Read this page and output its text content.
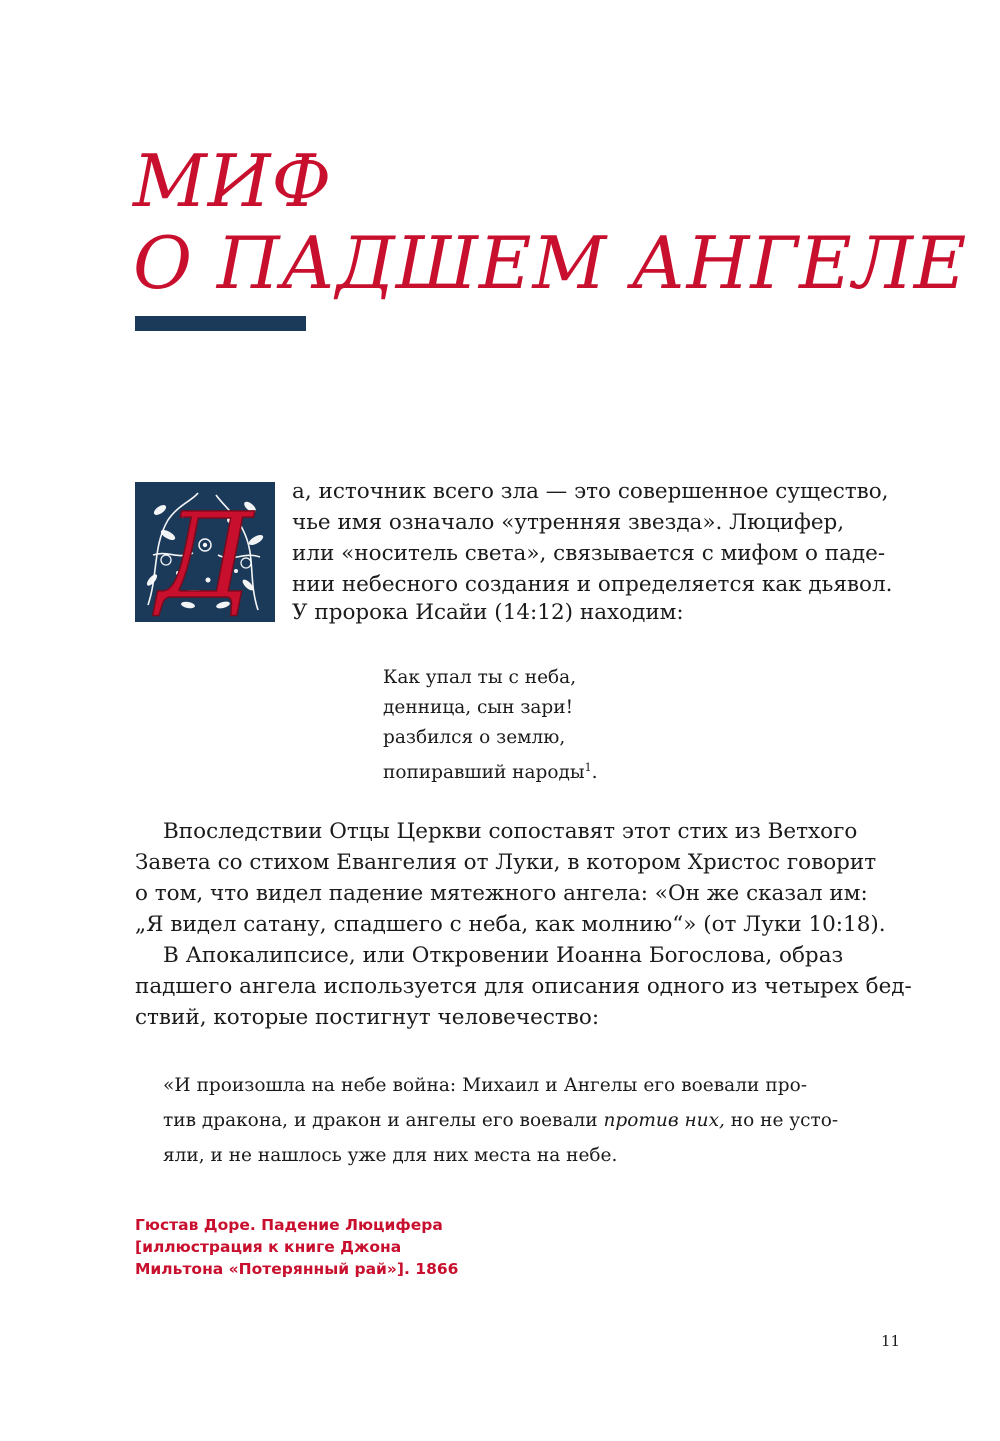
МИФ
О ПАДШЕМ АНГЕЛЕ
Д а, источник всего зла — это совершенное существо,
чье имя означало «утренняя звезда». Люцифер,
или «носитель света», связывается с мифом о паде-
нии небесного создания и определяется как дьявол.
У пророка Исайи (14:12) находим:
Как упал ты с неба,
денница, сын зари!
разбился о землю,
попиравший народы$^1$.
Впоследствии Отцы Церкви сопоставят этот стих из Ветхого
Завета со стихом Евангелия от Луки, в котором Христос говорит
о том, что видел падение мятежного ангела: «Он же сказал им:
„Я видел сатану, спадшего с неба, как молнию“» (от Луки 10:18).
В Апокалипсисе, или Откровении Иоанна Богослова, образ
падшего ангела используется для описания одного из четырех бед-
ствий, которые постигнут человечество:
«И произошла на небе война: Михаил и Ангелы его воевали про-
тив дракона, и дракон и ангелы его воевали против них, но не усто-
яли, и не нашлось уже для них места на небе.
Гюстав Доре. Падение Люцифера
[иллюстрация к книге Джона
Мильтона «Потерянный рай»]. 1866
11
